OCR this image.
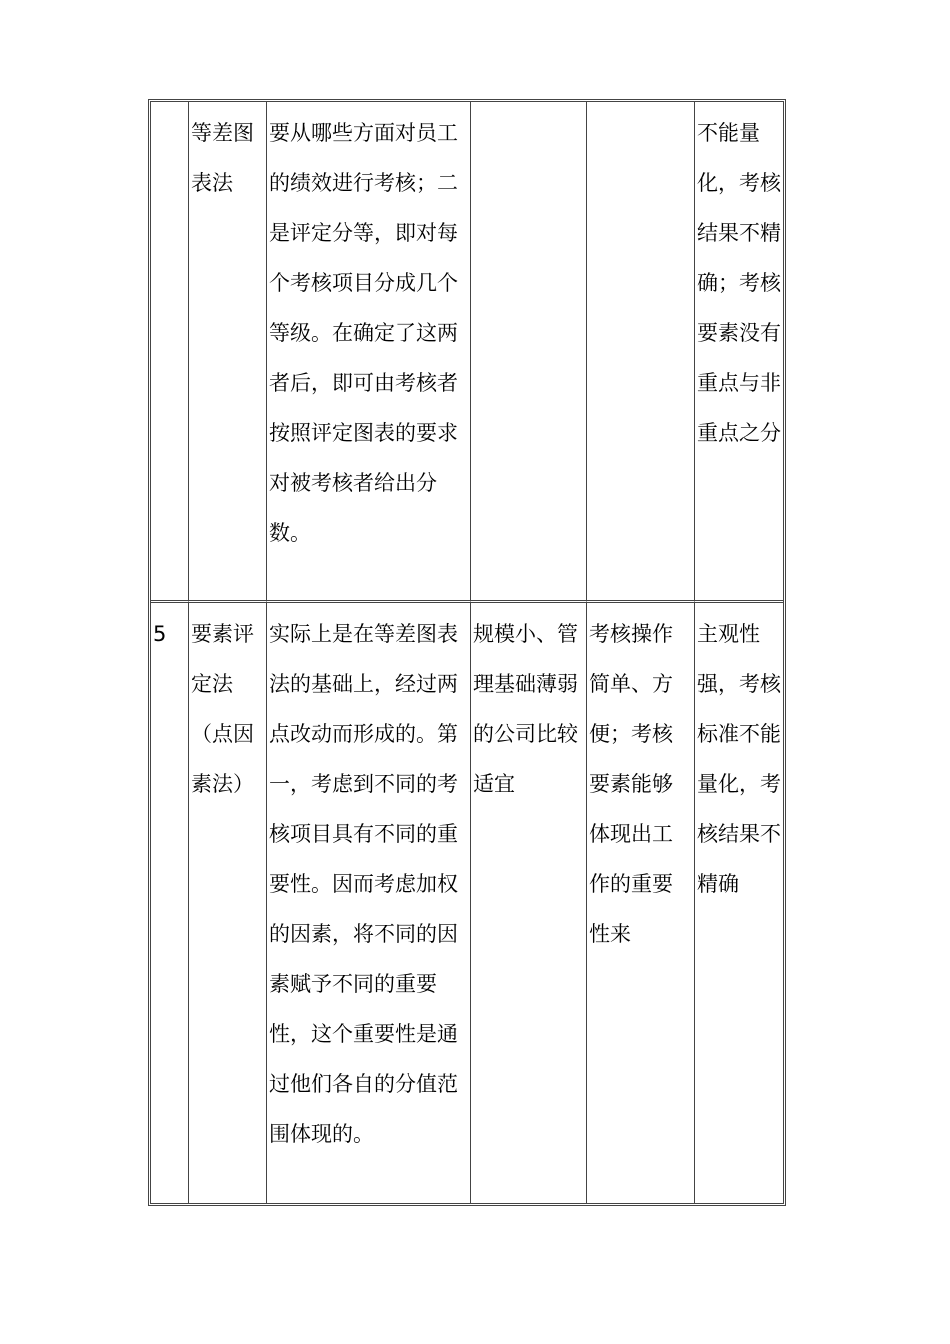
	等差图表法	要从哪些方面对员工的绩效进行考核；二是评定分等，即对每个考核项目分成几个等级。在确定了这两者后，即可由考核者按照评定图表的要求对被考核者给出分数。			不能量化，考核结果不精确；考核要素没有重点与非重点之分
5	要素评定法（点因素法）	实际上是在等差图表法的基础上，经过两点改动而形成的。第一，考虑到不同的考核项目具有不同的重要性。因而考虑加权的因素，将不同的因素赋予不同的重要性，这个重要性是通过他们各自的分值范围体现的。	规模小、管理基础薄弱的公司比较适宜	考核操作简单、方便；考核要素能够体现出工作的重要性来	主观性强，考核标准不能量化，考核结果不精确
